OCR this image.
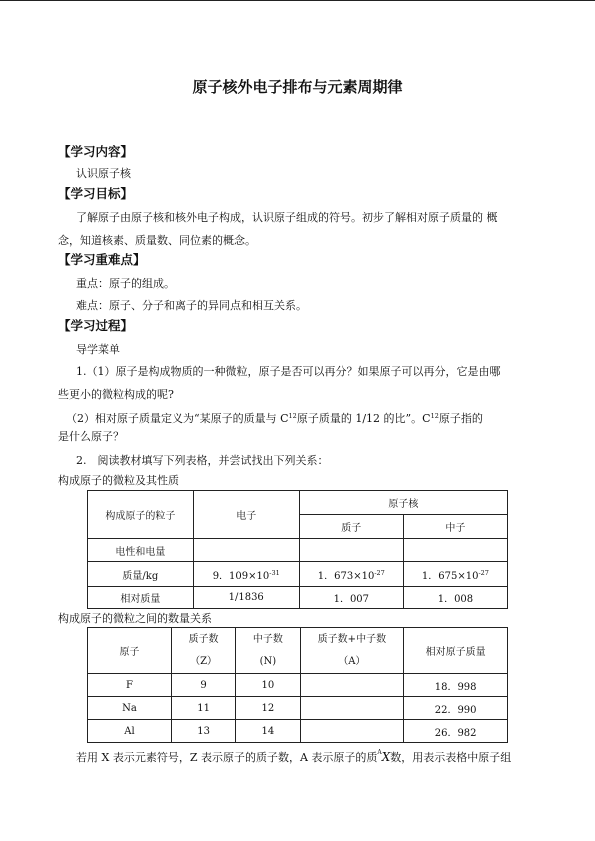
原子核外电子排布与元素周期律
【学习内容】
认识原子核
【学习目标】
了解原子由原子核和核外电子构成，认识原子组成的符号。初步了解相对原子质量的 概
念，知道核素、质量数、同位素的概念。
【学习重难点】
重点：原子的组成。
难点：原子、分子和离子的异同点和相互关系。
【学习过程】
导学菜单
1.（1）原子是构成物质的一种微粒，原子是否可以再分？如果原子可以再分，它是由哪
些更小的微粒构成的呢?
（2）相对原子质量定义为“某原子的质量与 $C^{12}$原子质量的 1/12 的比”。$C^{12}$原子指的
是什么原子？
2.　阅读教材填写下列表格，并尝试找出下列关系：
构成原子的微粒及其性质
构成原子的粒子	电子	原子核	
		质子	中子
电性和电量			
质量/kg	9．$109\times 10^{-31}$	1．$673\times 10^{-27}$	1．$675\times 10^{-27}$
相对质量	1/1836	1．007	1．008
构成原子的微粒之间的数量关系
原子	质子数
（Z）	中子数
(N)	质子数+中子数
（A）	相对原子质量
F	9	10		18．998
Na	11	12		22．990
Al	13	14		26．982
若用 X 表示元素符号，Z 表示原子的质子数，A 表示原子的质$^A$X数，用表示表格中原子组
